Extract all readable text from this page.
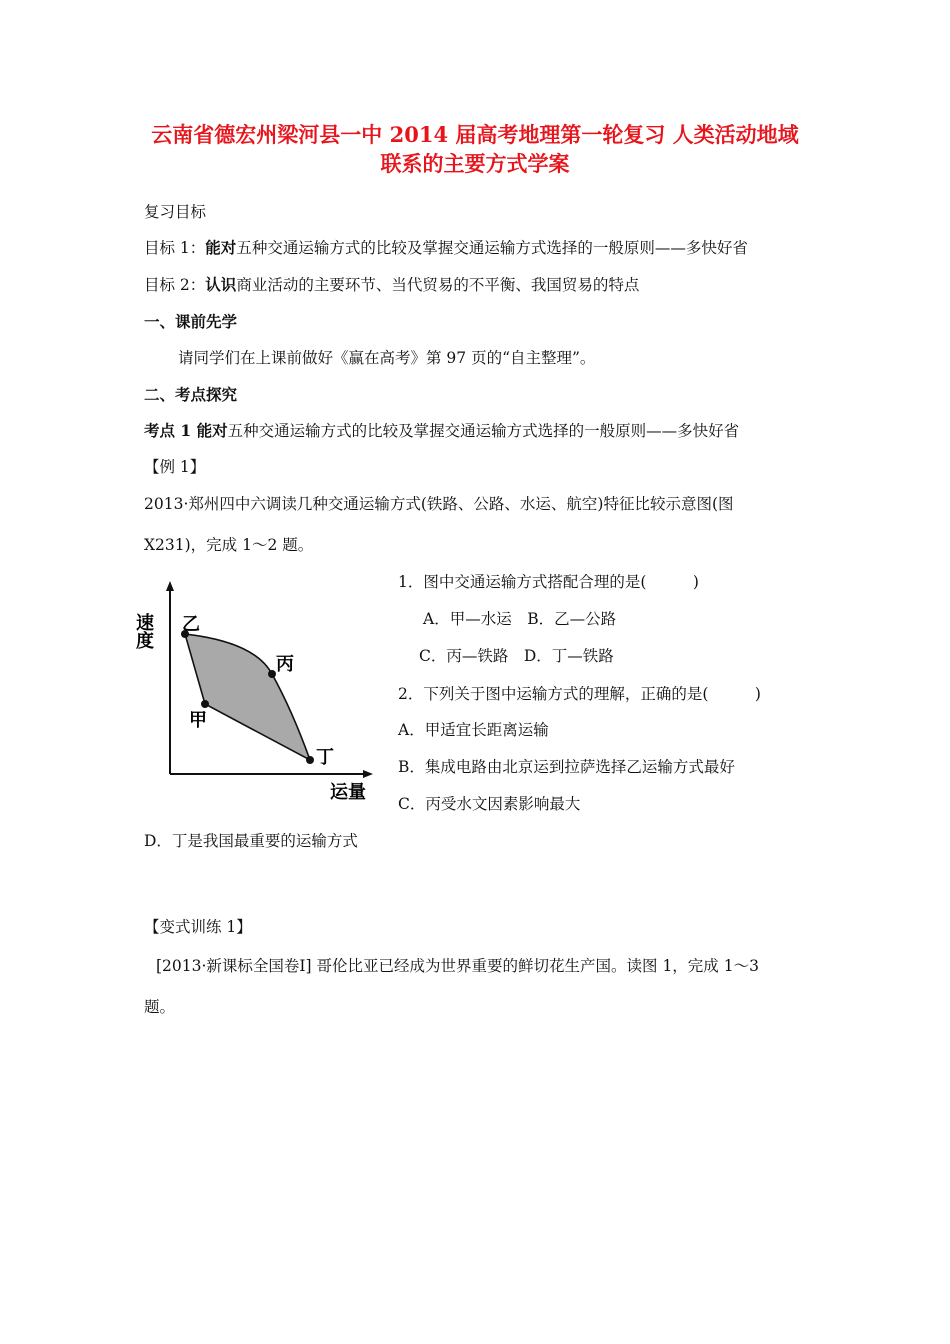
云南省德宏州梁河县一中 2014 届高考地理第一轮复习 人类活动地域
联系的主要方式学案
复习目标
目标 1：能对五种交通运输方式的比较及掌握交通运输方式选择的一般原则——多快好省
目标 2：认识商业活动的主要环节、当代贸易的不平衡、我国贸易的特点
一、课前先学
请同学们在上课前做好《赢在高考》第 97 页的“自主整理”。
二、考点探究
考点 1 能对五种交通运输方式的比较及掌握交通运输方式选择的一般原则——多快好省
【例 1】
2013·郑州四中六调读几种交通运输方式(铁路、公路、水运、航空)特征比较示意图(图
X231)，完成 1～2 题。
速度 乙
丙
甲
丁
运量
1．图中交通运输方式搭配合理的是(　　　)
A．甲—水运　B．乙—公路
C．丙—铁路　D．丁—铁路
2．下列关于图中运输方式的理解，正确的是(　　　)
A．甲适宜长距离运输
B．集成电路由北京运到拉萨选择乙运输方式最好
C．丙受水文因素影响最大
D．丁是我国最重要的运输方式
【变式训练 1】
[2013·新课标全国卷Ⅰ] 哥伦比亚已经成为世界重要的鲜切花生产国。读图 1，完成 1～3
题。
